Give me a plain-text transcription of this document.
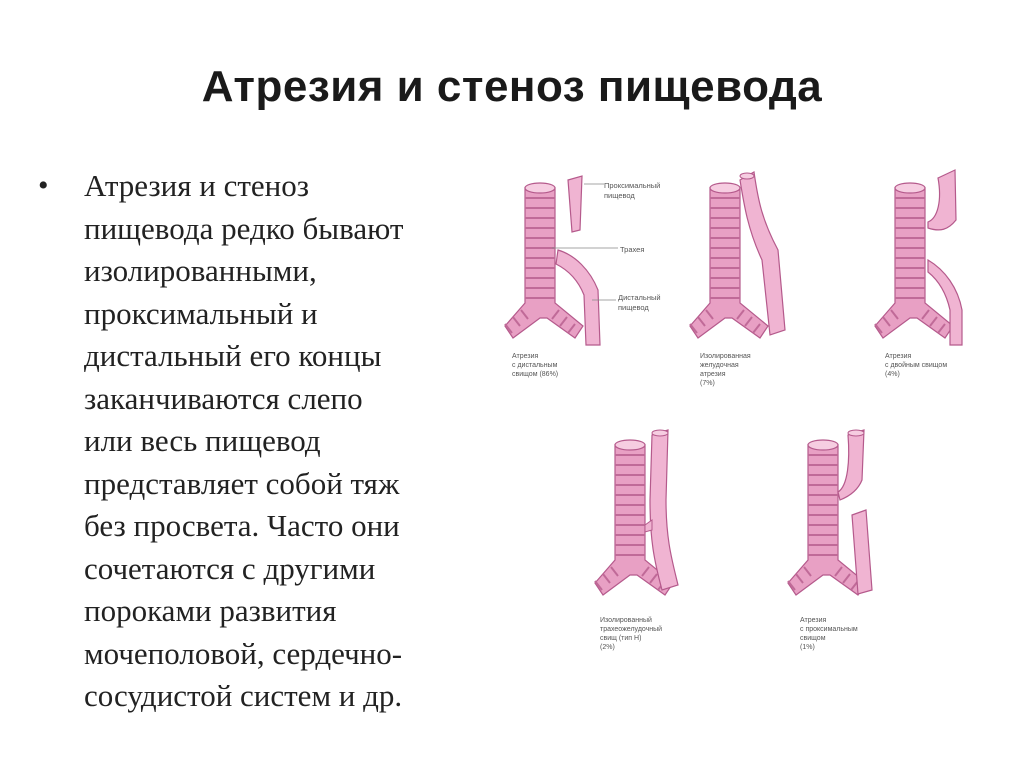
Атрезия и стеноз пищевода
• Атрезия и стеноз
пищевода редко бывают
изолированными,
проксимальный и
дистальный его концы
заканчиваются слепо
или весь пищевод
представляет собой тяж
без просвета. Часто они
сочетаются с другими
пороками развития
мочеполовой, сердечно-
сосудистой систем и др.
Проксимальный
пищевод
Трахея
Дистальный
пищевод
Атрезия
с дистальным
свищом (86%)
Изолированная
желудочная
атрезия
(7%)
Атрезия
с двойным свищом
(4%)
Изолированный
трахеожелудочный
свищ (тип Н)
(2%)
Атрезия
с проксимальным
свищом
(1%)
